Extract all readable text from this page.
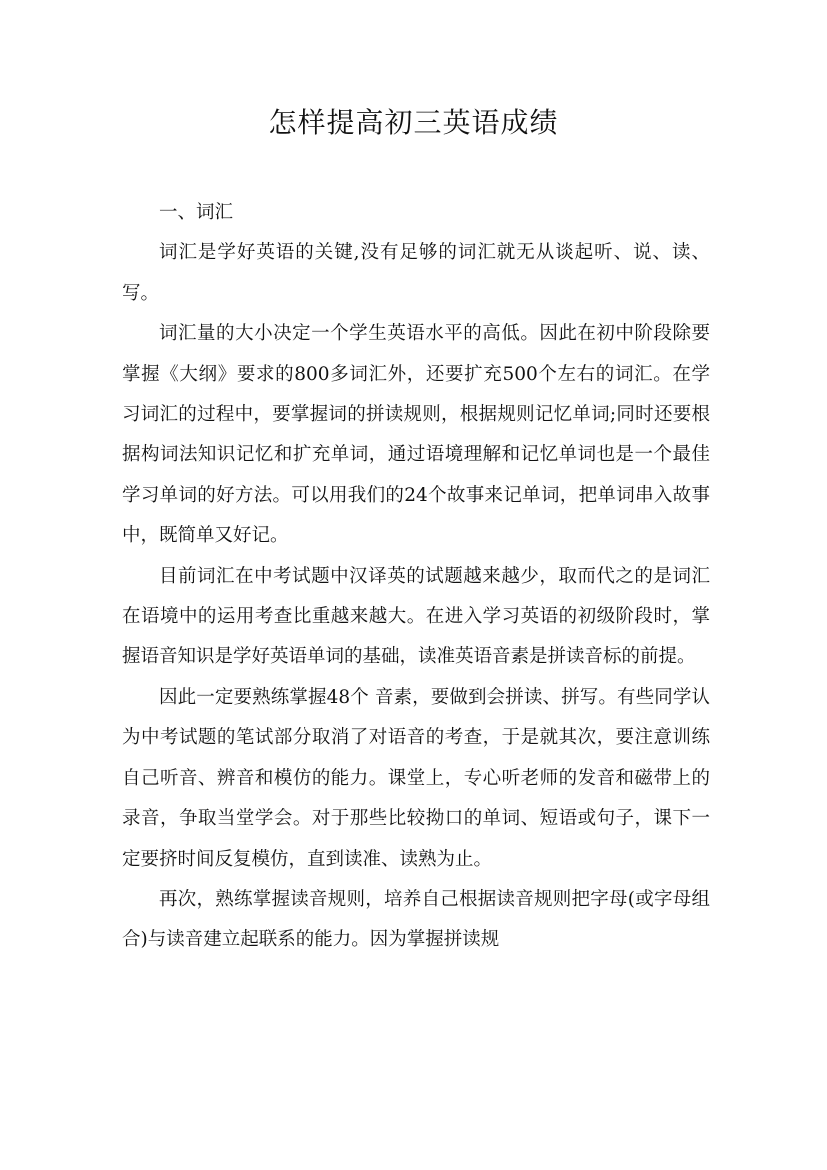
怎样提高初三英语成绩

一、词汇

词汇是学好英语的关键,没有足够的词汇就无从谈起听、说、读、写。

词汇量的大小决定一个学生英语水平的高低。因此在初中阶段除要掌握《大纲》要求的800多词汇外，还要扩充500个左右的词汇。在学习词汇的过程中，要掌握词的拼读规则，根据规则记忆单词;同时还要根据构词法知识记忆和扩充单词，通过语境理解和记忆单词也是一个最佳学习单词的好方法。可以用我们的24个故事来记单词，把单词串入故事中，既简单又好记。

目前词汇在中考试题中汉译英的试题越来越少，取而代之的是词汇在语境中的运用考查比重越来越大。在进入学习英语的初级阶段时，掌握语音知识是学好英语单词的基础，读准英语音素是拼读音标的前提。

因此一定要熟练掌握48个 音素，要做到会拼读、拼写。有些同学认为中考试题的笔试部分取消了对语音的考查，于是就其次，要注意训练自己听音、辨音和模仿的能力。课堂上，专心听老师的发音和磁带上的录音，争取当堂学会。对于那些比较拗口的单词、短语或句子，课下一定要挤时间反复模仿，直到读准、读熟为止。

再次，熟练掌握读音规则，培养自己根据读音规则把字母(或字母组合)与读音建立起联系的能力。因为掌握拼读规
